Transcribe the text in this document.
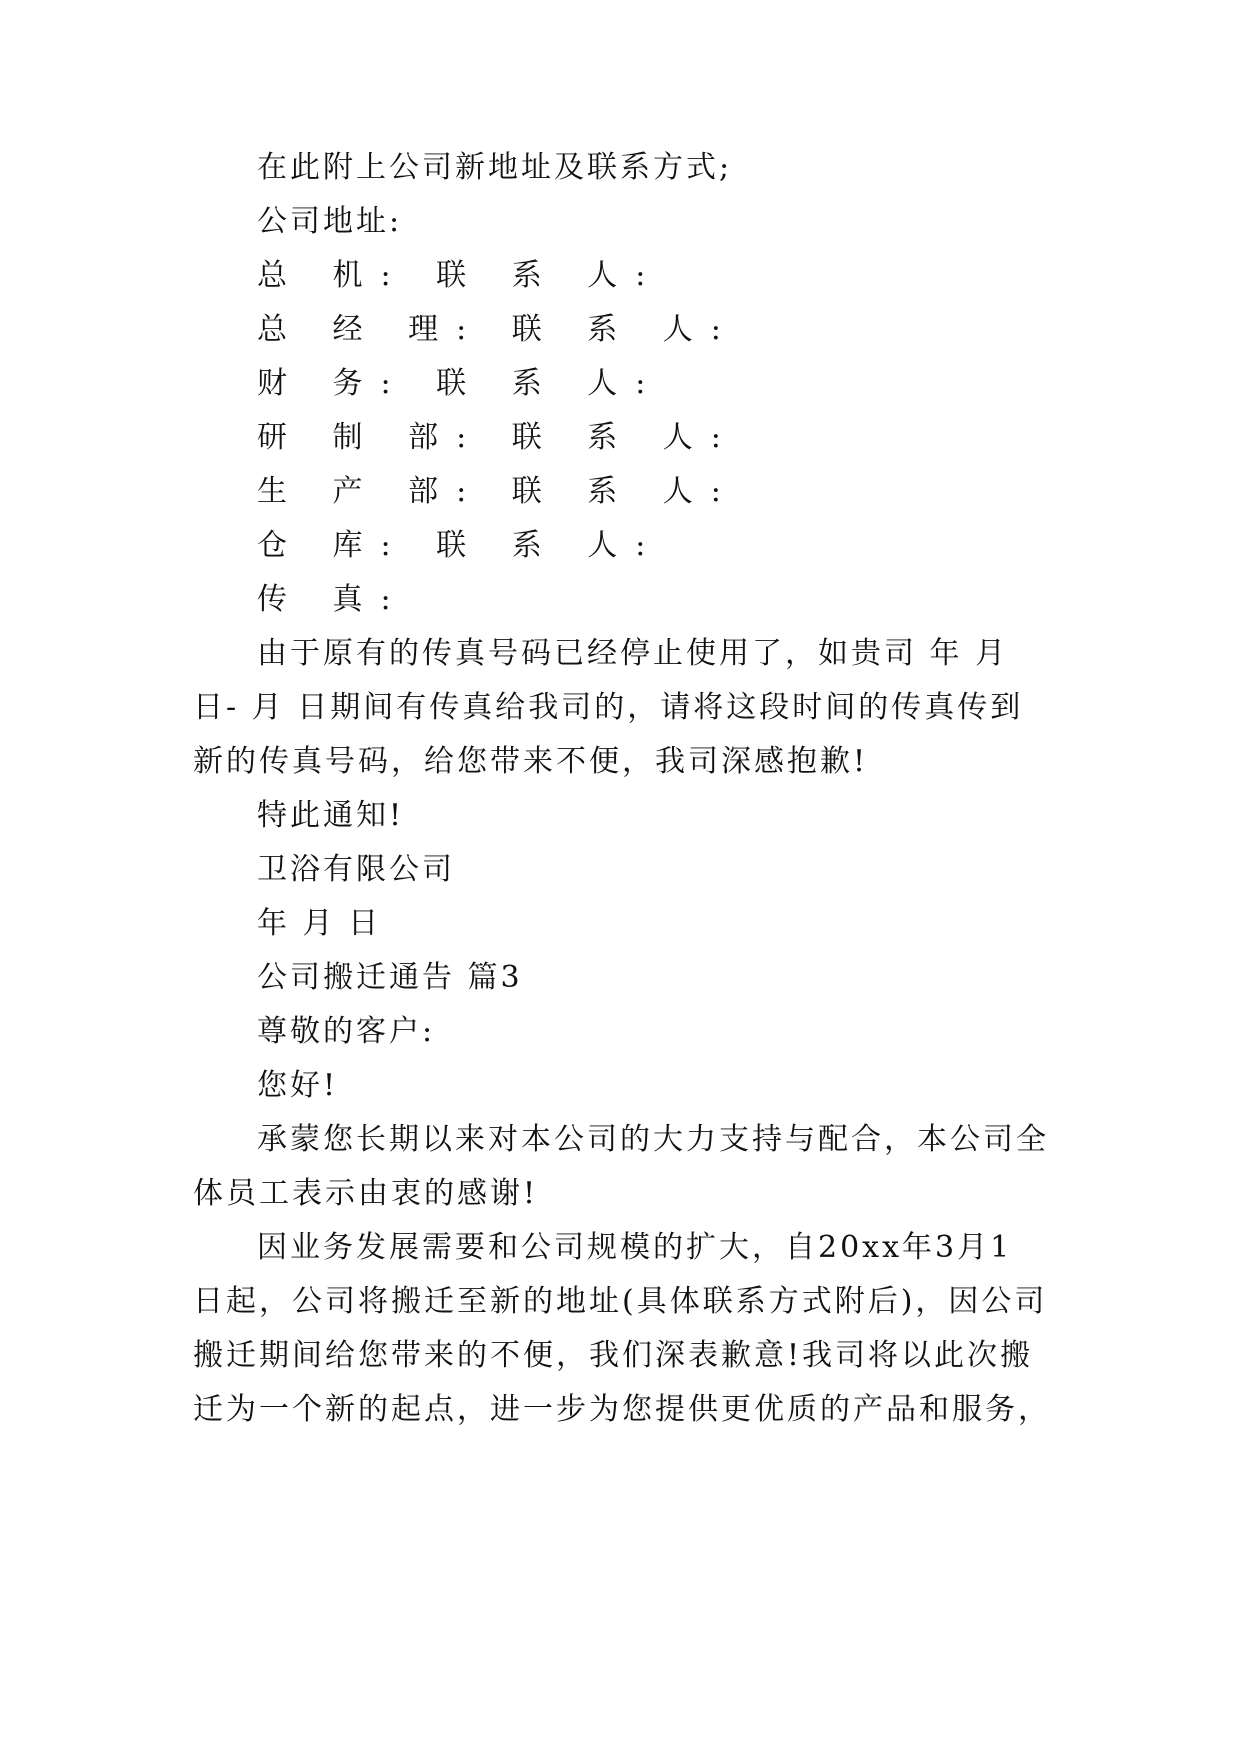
在此附上公司新地址及联系方式;

公司地址:

总 机: 联 系 人:

总 经 理: 联 系 人:

财 务: 联 系 人:

研 制 部: 联 系 人:

生 产 部: 联 系 人:

仓 库: 联 系 人:

传 真:

由于原有的传真号码已经停止使用了，如贵司 年 月

日- 月 日期间有传真给我司的，请将这段时间的传真传到

新的传真号码，给您带来不便，我司深感抱歉!

特此通知!

卫浴有限公司

年 月 日

公司搬迁通告 篇3

尊敬的客户:

您好!

承蒙您长期以来对本公司的大力支持与配合，本公司全

体员工表示由衷的感谢!

因业务发展需要和公司规模的扩大，自20xx年3月1

日起，公司将搬迁至新的地址(具体联系方式附后)，因公司

搬迁期间给您带来的不便，我们深表歉意!我司将以此次搬

迁为一个新的起点，进一步为您提供更优质的产品和服务，
